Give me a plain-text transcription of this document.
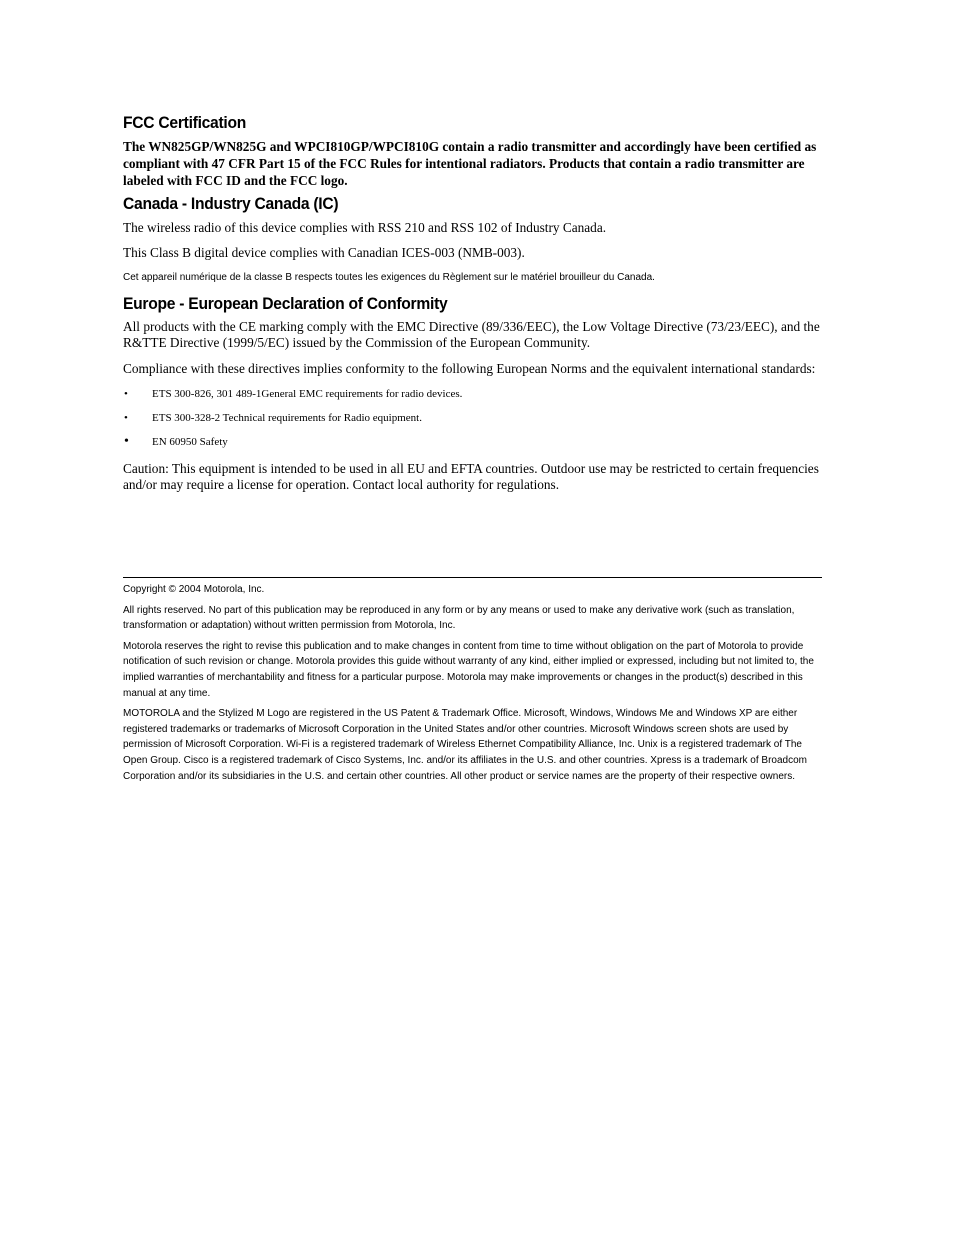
FCC Certification

The WN825GP/WN825G and WPCI810GP/WPCI810G contain a radio transmitter and accordingly have been certified as compliant with 47 CFR Part 15 of the FCC Rules for intentional radiators. Products that contain a radio transmitter are labeled with FCC ID and the FCC logo.

Canada - Industry Canada (IC)

The wireless radio of this device complies with RSS 210 and RSS 102 of Industry Canada.

This Class B digital device complies with Canadian ICES-003 (NMB-003).

Cet appareil numérique de la classe B respects toutes les exigences du Règlement sur le matériel brouilleur du Canada.

Europe - European Declaration of Conformity

All products with the CE marking comply with the EMC Directive (89/336/EEC), the Low Voltage Directive (73/23/EEC), and the R&TTE Directive (1999/5/EC) issued by the Commission of the European Community.

Compliance with these directives implies conformity to the following European Norms and the equivalent international standards:

• ETS 300-826, 301 489-1General EMC requirements for radio devices.
• ETS 300-328-2 Technical requirements for Radio equipment.
• EN 60950 Safety

Caution: This equipment is intended to be used in all EU and EFTA countries. Outdoor use may be restricted to certain frequencies and/or may require a license for operation. Contact local authority for regulations.

Copyright © 2004 Motorola, Inc.

All rights reserved. No part of this publication may be reproduced in any form or by any means or used to make any derivative work (such as translation, transformation or adaptation) without written permission from Motorola, Inc.

Motorola reserves the right to revise this publication and to make changes in content from time to time without obligation on the part of Motorola to provide notification of such revision or change. Motorola provides this guide without warranty of any kind, either implied or expressed, including but not limited to, the implied warranties of merchantability and fitness for a particular purpose. Motorola may make improvements or changes in the product(s) described in this manual at any time.

MOTOROLA and the Stylized M Logo are registered in the US Patent & Trademark Office. Microsoft, Windows, Windows Me and Windows XP are either registered trademarks or trademarks of Microsoft Corporation in the United States and/or other countries. Microsoft Windows screen shots are used by permission of Microsoft Corporation. Wi-Fi is a registered trademark of Wireless Ethernet Compatibility Alliance, Inc. Unix is a registered trademark of The Open Group. Cisco is a registered trademark of Cisco Systems, Inc. and/or its affiliates in the U.S. and other countries. Xpress is a trademark of Broadcom Corporation and/or its subsidiaries in the U.S. and certain other countries. All other product or service names are the property of their respective owners.
